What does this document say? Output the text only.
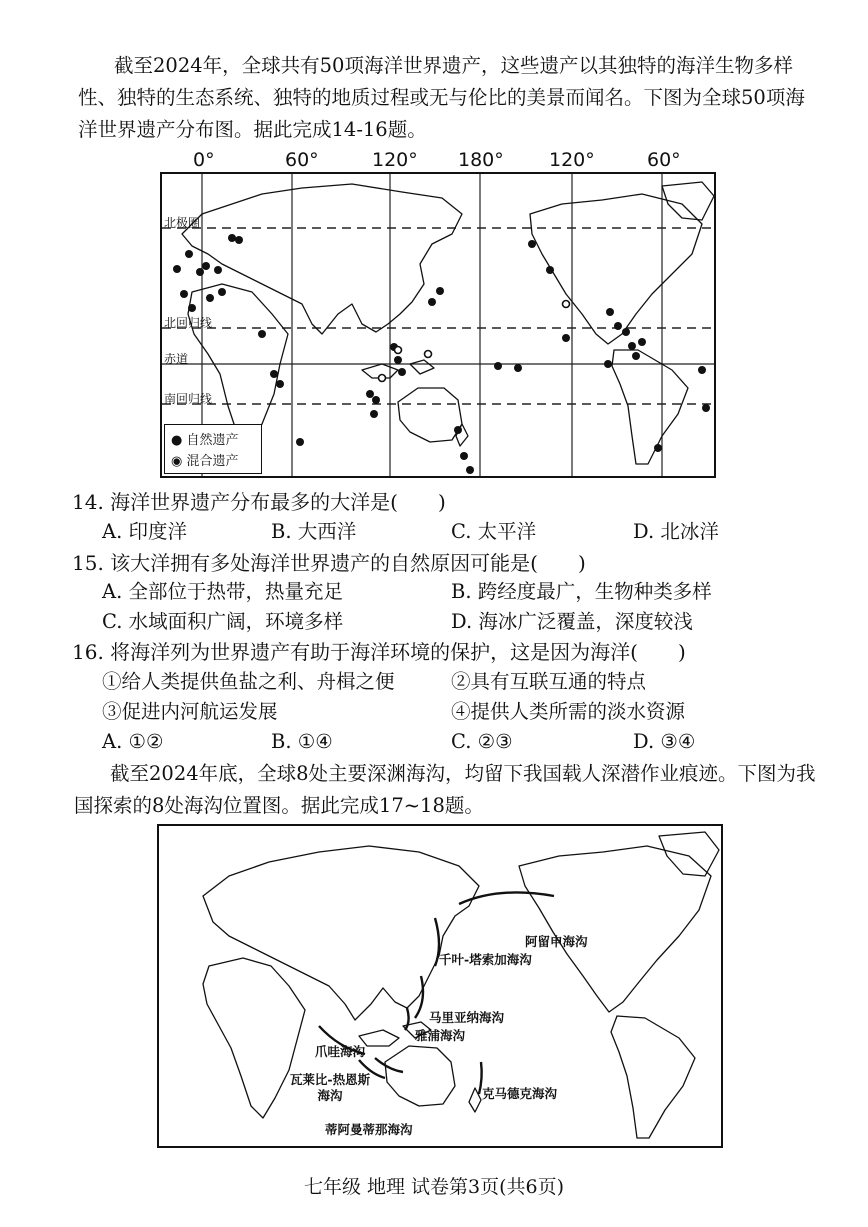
截至2024年，全球共有50项海洋世界遗产，这些遗产以其独特的海洋生物多样性、独特的生态系统、独特的地质过程或无与伦比的美景而闻名。下图为全球50项海洋世界遗产分布图。据此完成14-16题。

0°	60°	120° 180° 120°	60°
北极圈
北回归线
赤道
南回归线
● 自然遗产
◉ 混合遗产

14. 海洋世界遗产分布最多的大洋是(　　)

A. 印度洋	B. 大西洋	C. 太平洋	D. 北冰洋

15. 该大洋拥有多处海洋世界遗产的自然原因可能是(　　)

A. 全部位于热带，热量充足	B. 跨经度最广，生物种类多样

C. 水域面积广阔，环境多样	D. 海冰广泛覆盖，深度较浅

16. 将海洋列为世界遗产有助于海洋环境的保护，这是因为海洋(　　)

①给人类提供鱼盐之利、舟楫之便	②具有互联互通的特点

③促进内河航运发展	④提供人类所需的淡水资源

A. ①②	B. ①④	C. ②③	D. ③④

截至2024年底，全球8处主要深渊海沟，均留下我国载人深潜作业痕迹。下图为我国探索的8处海沟位置图。据此完成17~18题。

阿留申海沟
千叶-塔索加海沟
马里亚纳海沟
雅浦海沟
爪哇海沟
瓦莱比-热恩斯海沟	克马德克海沟
蒂阿曼蒂那海沟
七年级 地理 试卷第3页(共6页)
